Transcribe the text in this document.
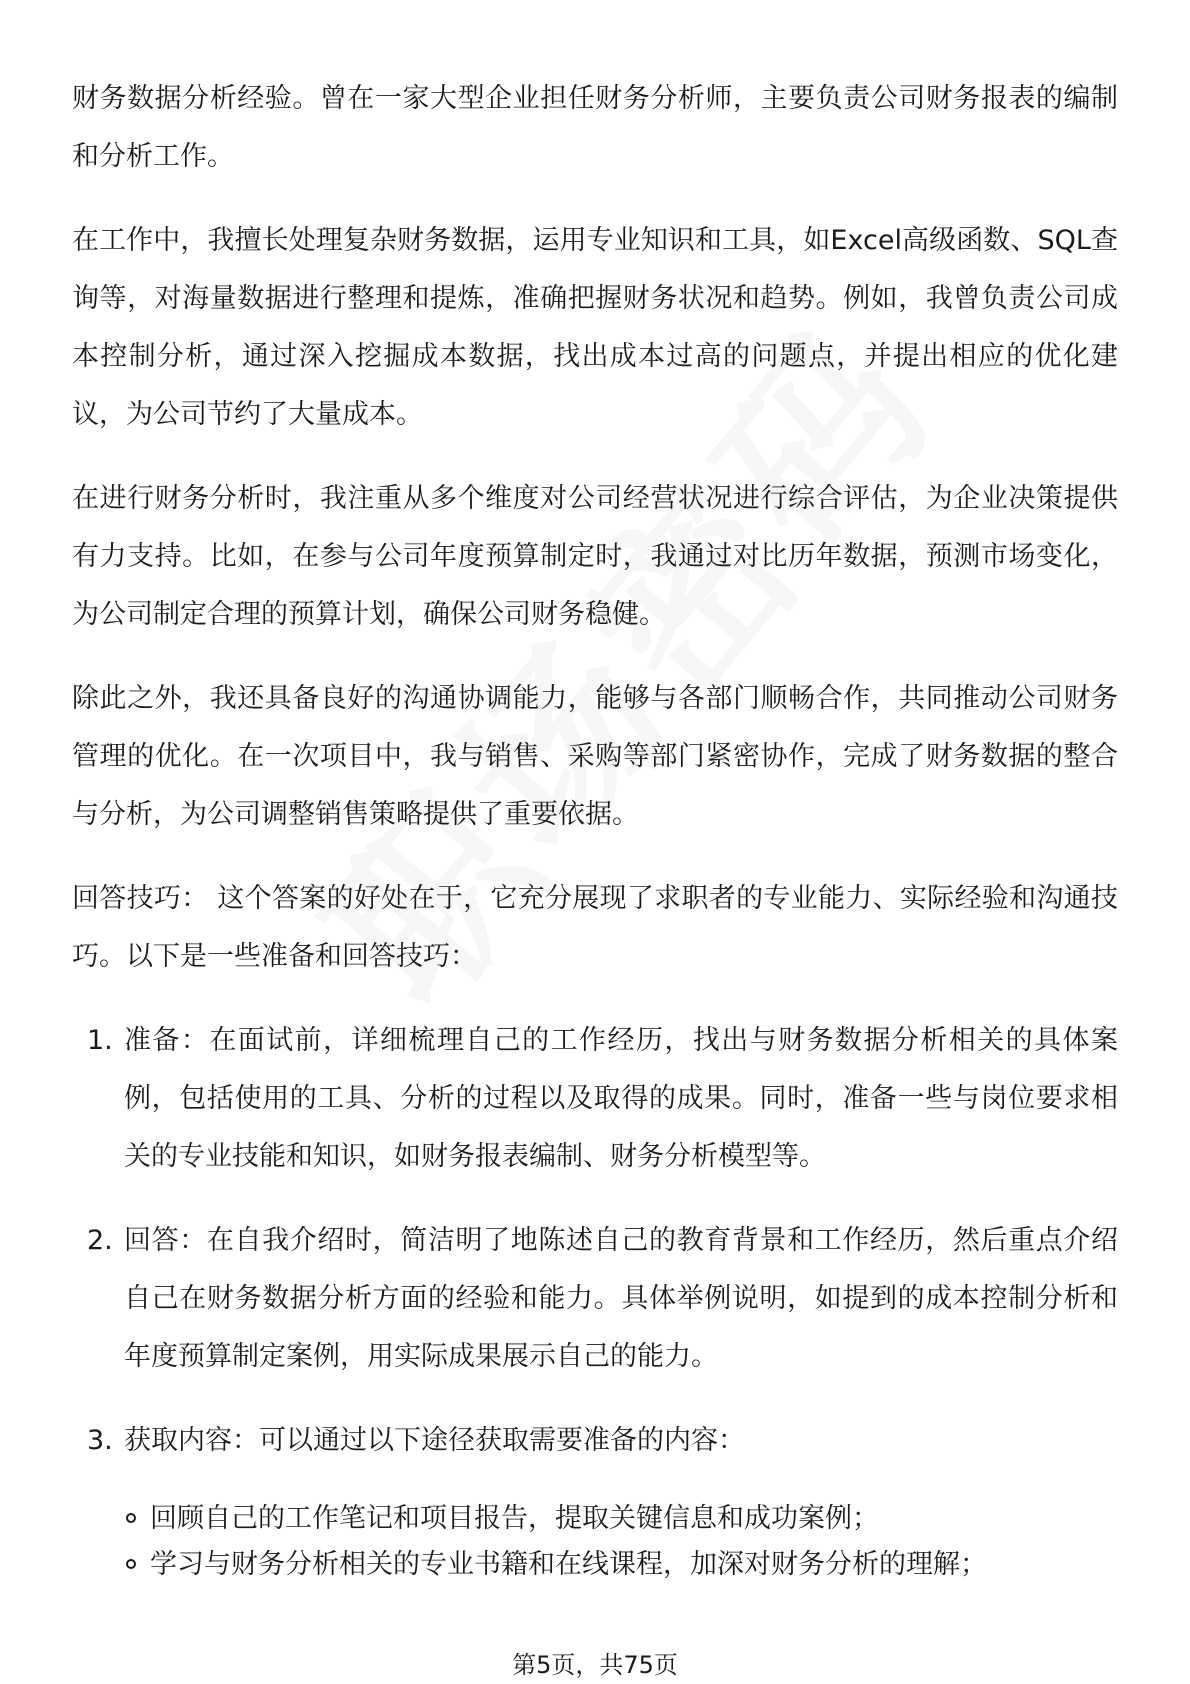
财务数据分析经验。曾在一家大型企业担任财务分析师，主要负责公司财务报表的编制和分析工作。

在工作中，我擅长处理复杂财务数据，运用专业知识和工具，如Excel高级函数、SQL查询等，对海量数据进行整理和提炼，准确把握财务状况和趋势。例如，我曾负责公司成本控制分析，通过深入挖掘成本数据，找出成本过高的问题点，并提出相应的优化建议，为公司节约了大量成本。

在进行财务分析时，我注重从多个维度对公司经营状况进行综合评估，为企业决策提供有力支持。比如，在参与公司年度预算制定时，我通过对比历年数据，预测市场变化，为公司制定合理的预算计划，确保公司财务稳健。

除此之外，我还具备良好的沟通协调能力，能够与各部门顺畅合作，共同推动公司财务管理的优化。在一次项目中，我与销售、采购等部门紧密协作，完成了财务数据的整合与分析，为公司调整销售策略提供了重要依据。

回答技巧： 这个答案的好处在于，它充分展现了求职者的专业能力、实际经验和沟通技巧。以下是一些准备和回答技巧：

1. 准备：在面试前，详细梳理自己的工作经历，找出与财务数据分析相关的具体案例，包括使用的工具、分析的过程以及取得的成果。同时，准备一些与岗位要求相关的专业技能和知识，如财务报表编制、财务分析模型等。
2. 回答：在自我介绍时，简洁明了地陈述自己的教育背景和工作经历，然后重点介绍自己在财务数据分析方面的经验和能力。具体举例说明，如提到的成本控制分析和年度预算制定案例，用实际成果展示自己的能力。
3. 获取内容：可以通过以下途径获取需要准备的内容：
回顾自己的工作笔记和项目报告，提取关键信息和成功案例；
学习与财务分析相关的专业书籍和在线课程，加深对财务分析的理解；
第5页，共75页
